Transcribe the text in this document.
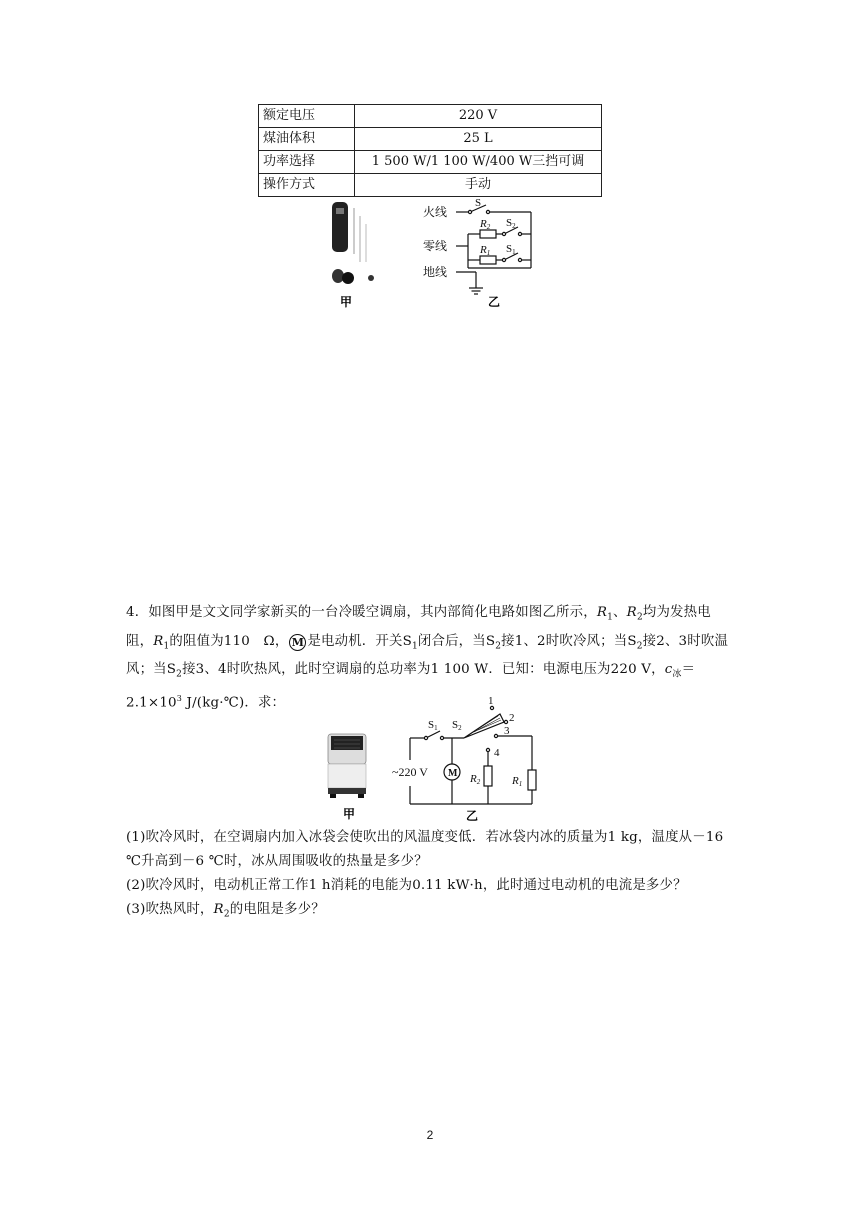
额定电压	220 V
煤油体积	25 L
功率选择	1 500 W/1 100 W/400 W三挡可调
操作方式	手动
甲
火线
零线
地线
S
R2 S2
R1 S1
乙

4．如图甲是文文同学家新买的一台冷暖空调扇，其内部简化电路如图乙所示，$R_1$、$R_2$均为发热电阻，$R_1$的阻值为110　Ω， M 是电动机．开关$S_1$闭合后，当$S_2$接1、2时吹冷风；当$S_2$接2、3时吹温风；当$S_2$接3、4时吹热风，此时空调扇的总功率为1 100 W．已知：电源电压为220 V，$c_冰=2.1\times 10^3$ J/(kg·℃)．求：

甲
~220 V
S1 S2
1
2
3
4
M R2	R1
乙

(1)吹冷风时，在空调扇内加入冰袋会使吹出的风温度变低．若冰袋内冰的质量为1 kg，温度从－16 ℃升高到－6 ℃时，冰从周围吸收的热量是多少？

(2)吹冷风时，电动机正常工作1 h消耗的电能为0.11 kW·h，此时通过电动机的电流是多少？

(3)吹热风时，$R_2$的电阻是多少？

2
